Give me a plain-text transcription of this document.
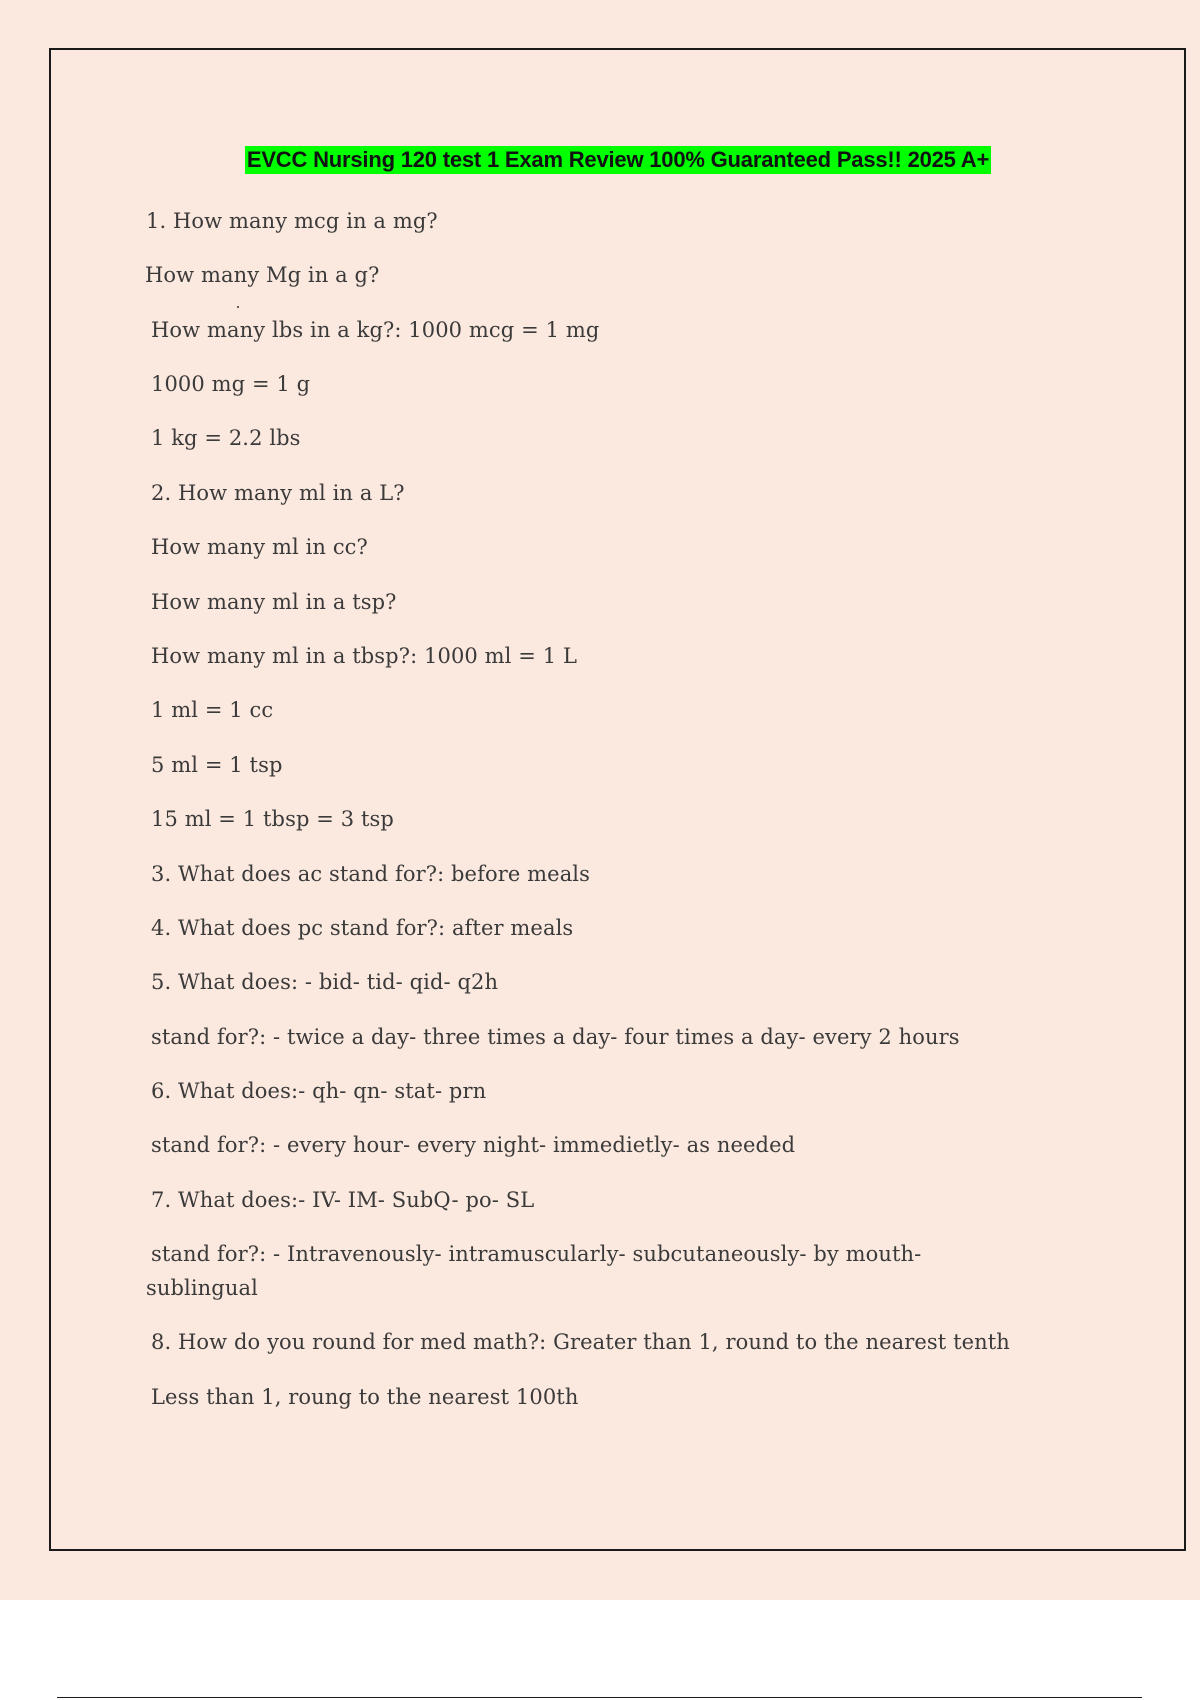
EVCC Nursing 120 test 1 Exam Review 100% Guaranteed Pass!! 2025 A+
1. How many mcg in a mg?
How many Mg in a g?
How many lbs in a kg?: 1000 mcg = 1 mg
1000 mg = 1 g
1 kg = 2.2 lbs
2. How many ml in a L?
How many ml in cc?
How many ml in a tsp?
How many ml in a tbsp?: 1000 ml = 1 L
1 ml = 1 cc
5 ml = 1 tsp
15 ml = 1 tbsp = 3 tsp
3. What does ac stand for?: before meals
4. What does pc stand for?: after meals
5. What does: - bid- tid- qid- q2h
stand for?: - twice a day- three times a day- four times a day- every 2 hours
6. What does:- qh- qn- stat- prn
stand for?: - every hour- every night- immedietly- as needed
7. What does:- IV- IM- SubQ- po- SL
stand for?: - Intravenously- intramuscularly- subcutaneously- by mouth- sublingual
8. How do you round for med math?: Greater than 1, round to the nearest tenth
Less than 1, roung to the nearest 100th
